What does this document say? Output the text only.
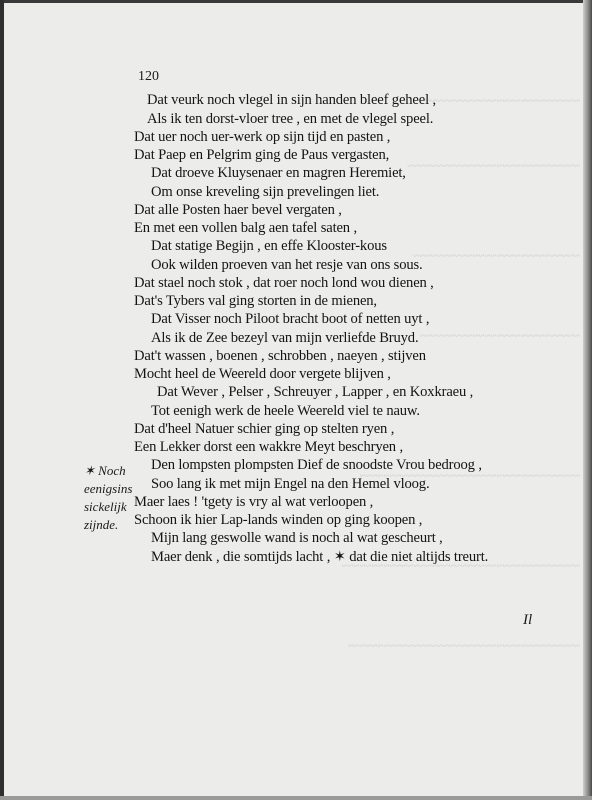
~~~~~~~~~~~~~~~~~~~~~~~~~~
~~~~~~~~~~~~~~~~~~~~~~~~~~~~~
~~~~~~~~~~~~~~~~~~~~~~~~~~~~
~~~~~~~~~~~~~~~~~~~~~~~~~~~
~~~~~~~~~~~~~~~~~~~~~~~~~~~~~~~~~~~~~
~~~~~~~~~~~~~~~~~~~~~~~~~~~~~~~~~~~~~~~~
~~~~~~~~~~~~~~~~~~~~~~~~~~~~~~~~~~~~~~~
120
Dat veurk noch vlegel in sijn handen bleef geheel ,
Als ik ten dorst-vloer tree , en met de vlegel speel.
Dat uer noch uer-werk op sijn tijd en pasten ,
Dat Paep en Pelgrim ging de Paus vergasten,
Dat droeve Kluysenaer en magren Heremiet,
Om onse kreveling sijn prevelingen liet.
Dat alle Posten haer bevel vergaten ,
En met een vollen balg aen tafel saten ,
Dat statige Begijn , en effe Klooster-kous
Ook wilden proeven van het resje van ons sous.
Dat stael noch stok , dat roer noch lond wou dienen ,
Dat's Tybers val ging storten in de mienen,
Dat Visser noch Piloot bracht boot of netten uyt ,
Als ik de Zee bezeyl van mijn verliefde Bruyd.
Dat't wassen , boenen , schrobben , naeyen , stijven
Mocht heel de Weereld door vergete blijven ,
Dat Wever , Pelser , Schreuyer , Lapper , en Koxkraeu ,
Tot eenigh werk de heele Weereld viel te nauw.
Dat d'heel Natuer schier ging op stelten ryen ,
Een Lekker dorst een wakkre Meyt beschryen ,
Den lompsten plompsten Dief de snoodste Vrou bedroog ,
Soo lang ik met mijn Engel na den Hemel vloog.
Maer laes ! 'tgety is vry al wat verloopen ,
Schoon ik hier Lap-lands winden op ging koopen ,
Mijn lang geswolle wand is noch al wat gescheurt ,
Maer denk , die somtijds lacht , ✶ dat die niet altijds treurt.
✶ Noch
eenigsins
sickelijk
zijnde.
Il
